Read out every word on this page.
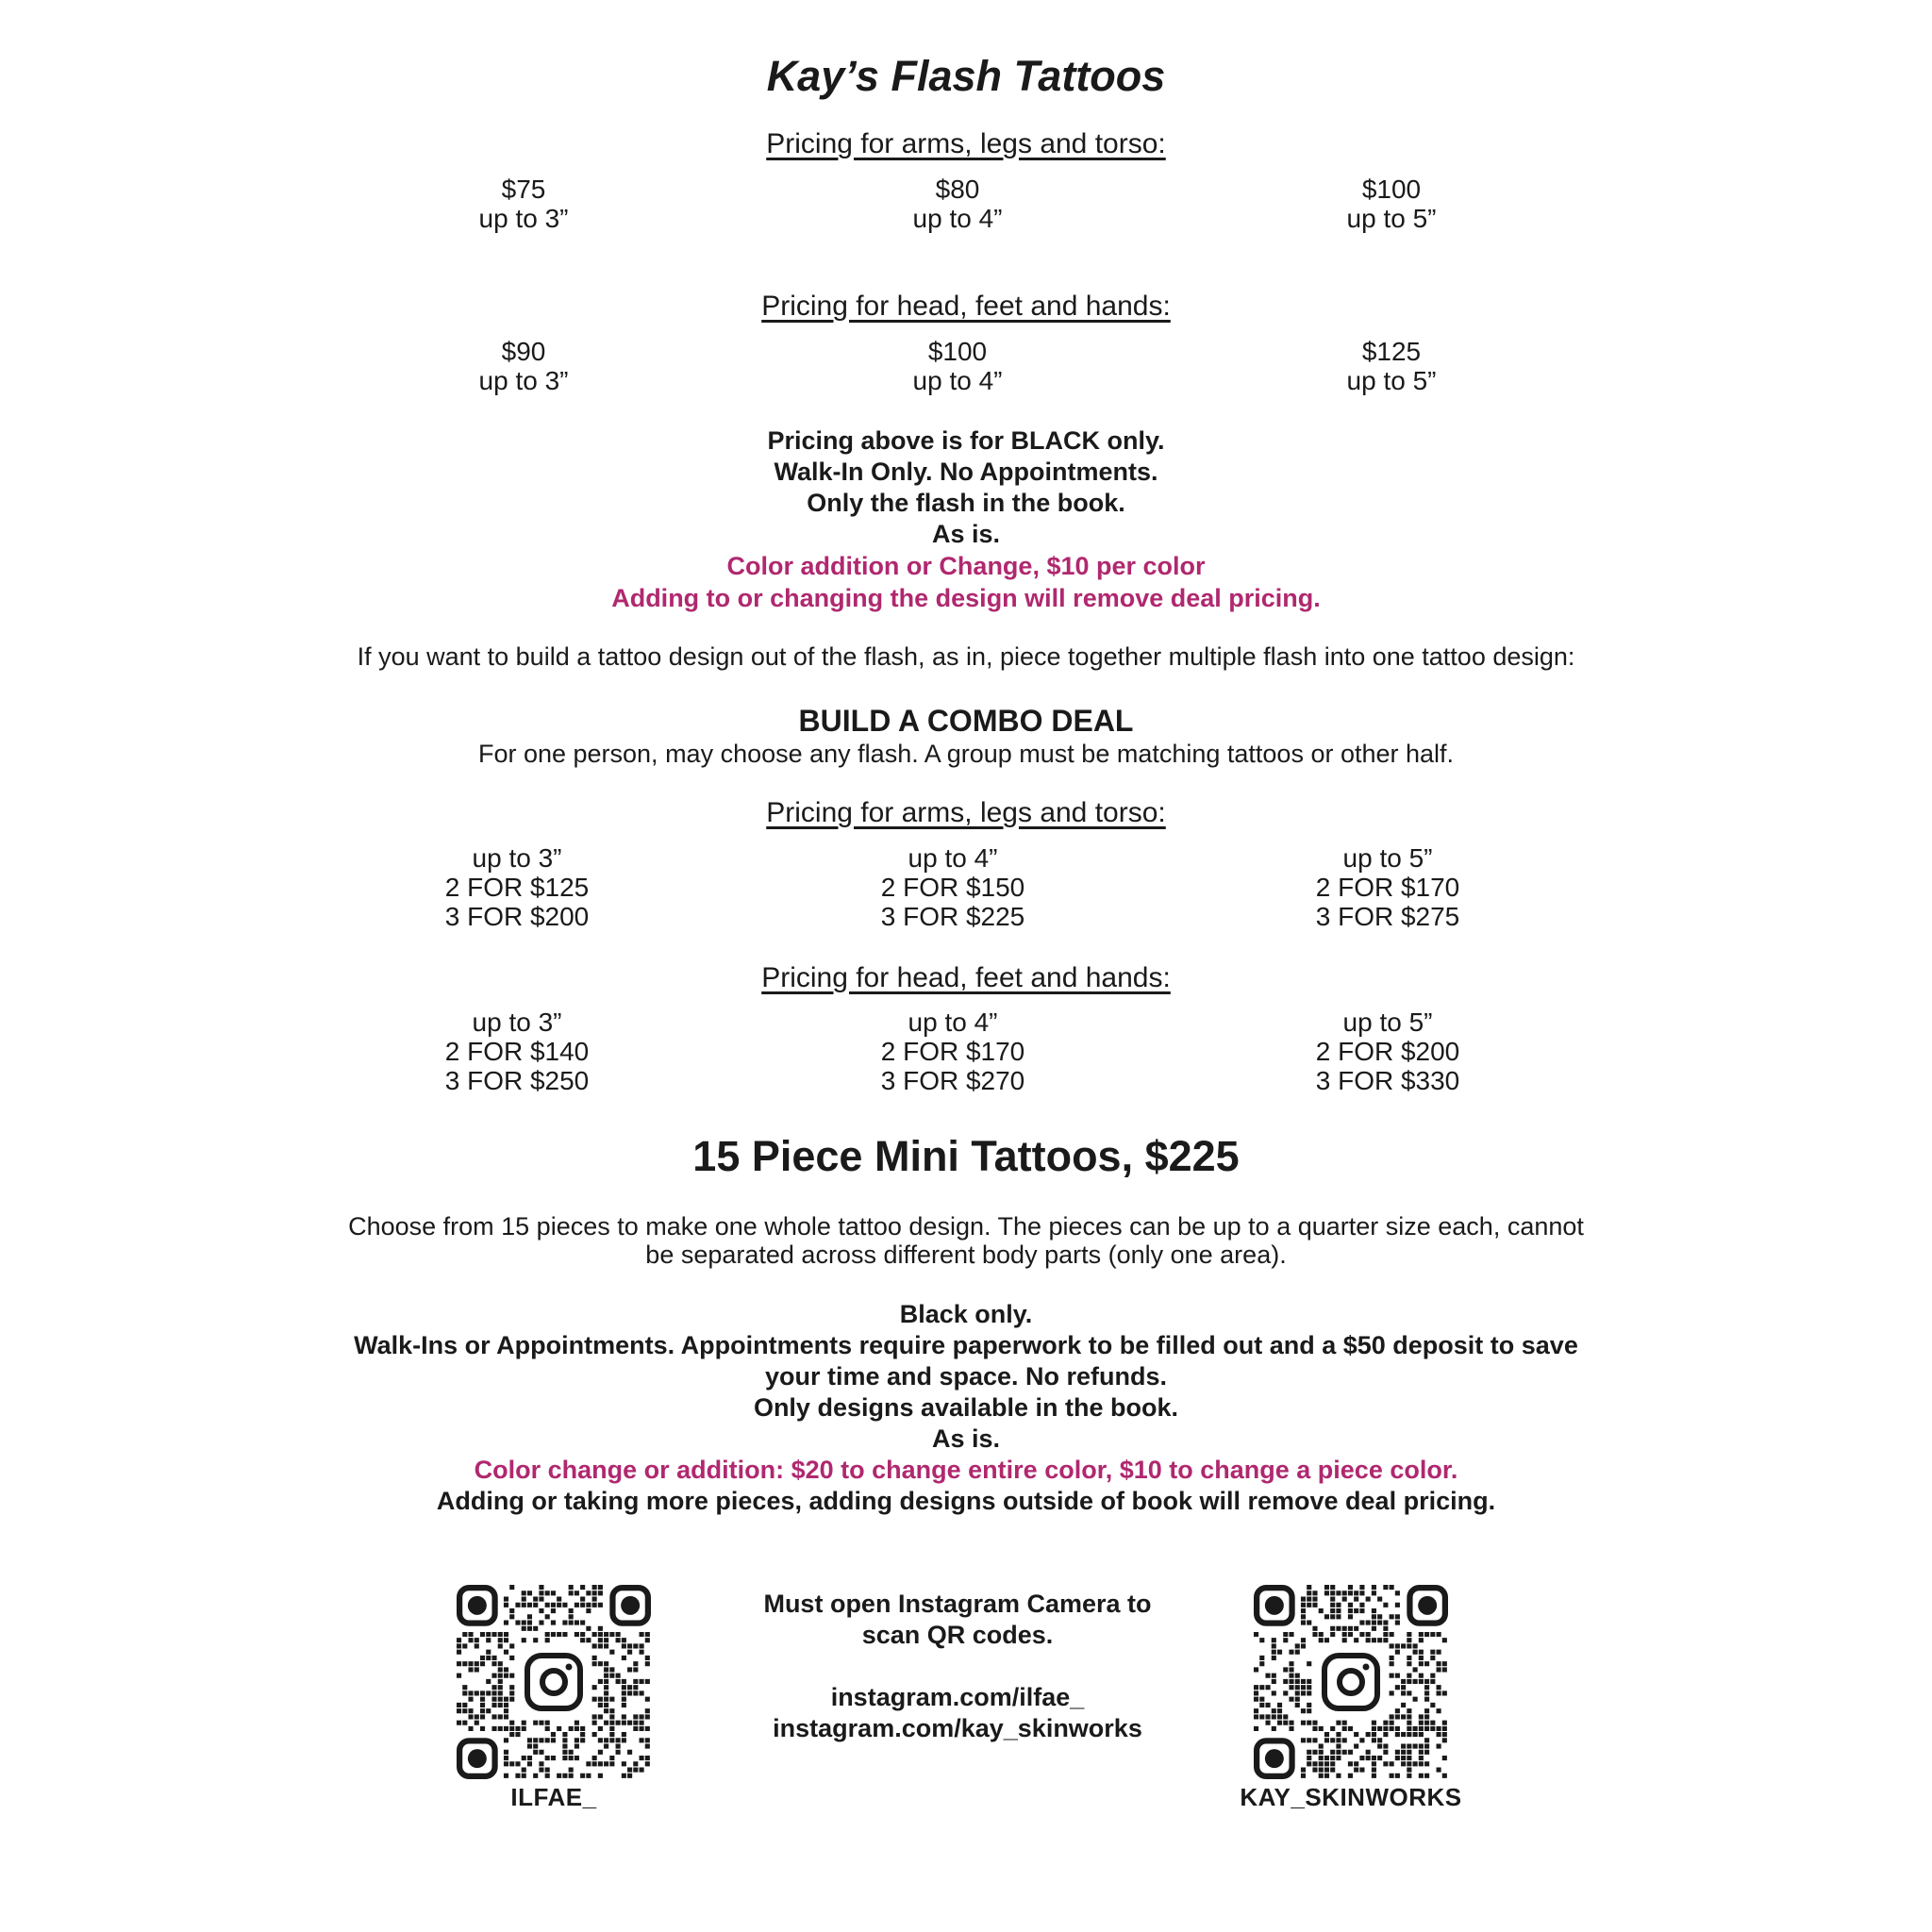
Kay’s Flash Tattoos
Pricing for arms, legs and torso:
$75
up to 3”
$80
up to 4”
$100
up to 5”
Pricing for head, feet and hands:
$90
up to 3”
$100
up to 4”
$125
up to 5”
Pricing above is for BLACK only.
Walk-In Only. No Appointments.
Only the flash in the book.
As is.
Color addition or Change, $10 per color
Adding to or changing the design will remove deal pricing.
If you want to build a tattoo design out of the flash, as in, piece together multiple flash into one tattoo design:
BUILD A COMBO DEAL
For one person, may choose any flash. A group must be matching tattoos or other half.
Pricing for arms, legs and torso:
up to 3”
2 FOR $125
3 FOR $200
up to 4”
2 FOR $150
3 FOR $225
up to 5”
2 FOR $170
3 FOR $275
Pricing for head, feet and hands:
up to 3”
2 FOR $140
3 FOR $250
up to 4”
2 FOR $170
3 FOR $270
up to 5”
2 FOR $200
3 FOR $330
15 Piece Mini Tattoos, $225
Choose from 15 pieces to make one whole tattoo design. The pieces can be up to a quarter size each, cannot
be separated across different body parts (only one area).
Black only.
Walk-Ins or Appointments. Appointments require paperwork to be filled out and a $50 deposit to save
your time and space. No refunds.
Only designs available in the book.
As is.
Color change or addition: $20 to change entire color, $10 to change a piece color.
Adding or taking more pieces, adding designs outside of book will remove deal pricing.
ILFAE_	KAY_SKINWORKS
Must open Instagram Camera to
scan QR codes.
instagram.com/ilfae_
instagram.com/kay_skinworks
